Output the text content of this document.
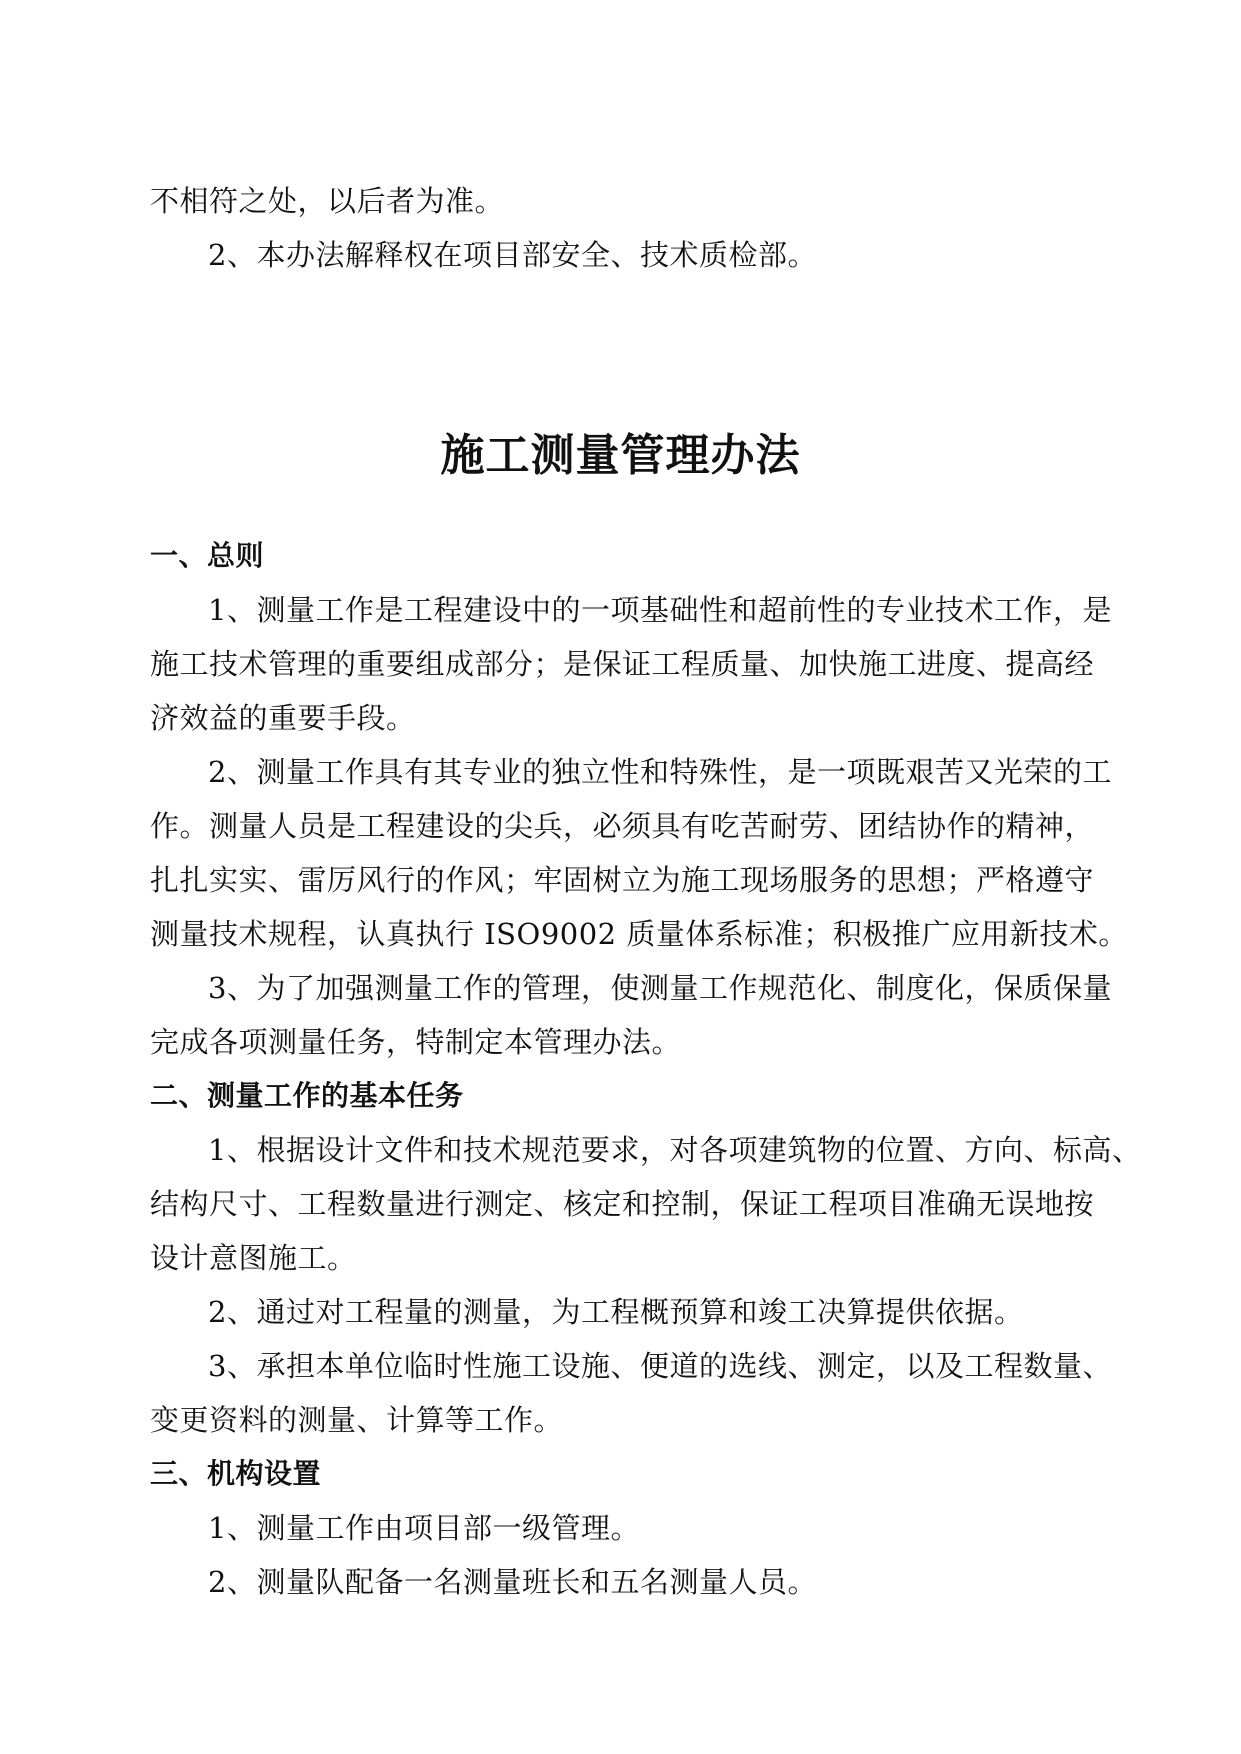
不相符之处，以后者为准。
2、本办法解释权在项目部安全、技术质检部。
施工测量管理办法
一、总则
1、测量工作是工程建设中的一项基础性和超前性的专业技术工作，是
施工技术管理的重要组成部分；是保证工程质量、加快施工进度、提高经
济效益的重要手段。
2、测量工作具有其专业的独立性和特殊性，是一项既艰苦又光荣的工
作。测量人员是工程建设的尖兵，必须具有吃苦耐劳、团结协作的精神，
扎扎实实、雷厉风行的作风；牢固树立为施工现场服务的思想；严格遵守
测量技术规程，认真执行 ISO9002 质量体系标准；积极推广应用新技术。
3、为了加强测量工作的管理，使测量工作规范化、制度化，保质保量
完成各项测量任务，特制定本管理办法。
二、测量工作的基本任务
1、根据设计文件和技术规范要求，对各项建筑物的位置、方向、标高、
结构尺寸、工程数量进行测定、核定和控制，保证工程项目准确无误地按
设计意图施工。
2、通过对工程量的测量，为工程概预算和竣工决算提供依据。
3、承担本单位临时性施工设施、便道的选线、测定，以及工程数量、
变更资料的测量、计算等工作。
三、机构设置
1、测量工作由项目部一级管理。
2、测量队配备一名测量班长和五名测量人员。
